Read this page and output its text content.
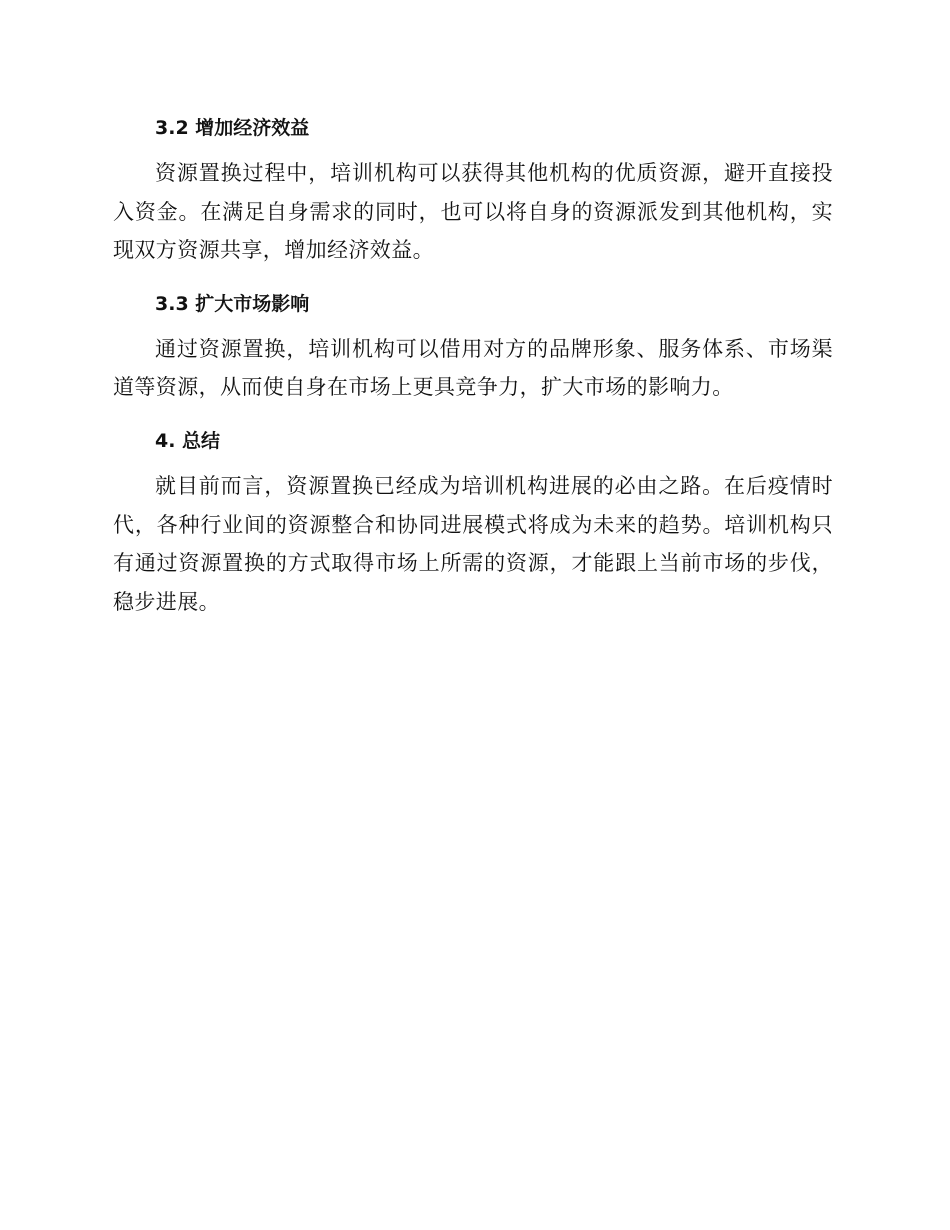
3.2 增加经济效益

资源置换过程中，培训机构可以获得其他机构的优质资源，避开直接投入资金。在满足自身需求的同时，也可以将自身的资源派发到其他机构，实现双方资源共享，增加经济效益。

3.3 扩大市场影响

通过资源置换，培训机构可以借用对方的品牌形象、服务体系、市场渠道等资源，从而使自身在市场上更具竞争力，扩大市场的影响力。

4. 总结

就目前而言，资源置换已经成为培训机构进展的必由之路。在后疫情时代，各种行业间的资源整合和协同进展模式将成为未来的趋势。培训机构只有通过资源置换的方式取得市场上所需的资源，才能跟上当前市场的步伐，稳步进展。
